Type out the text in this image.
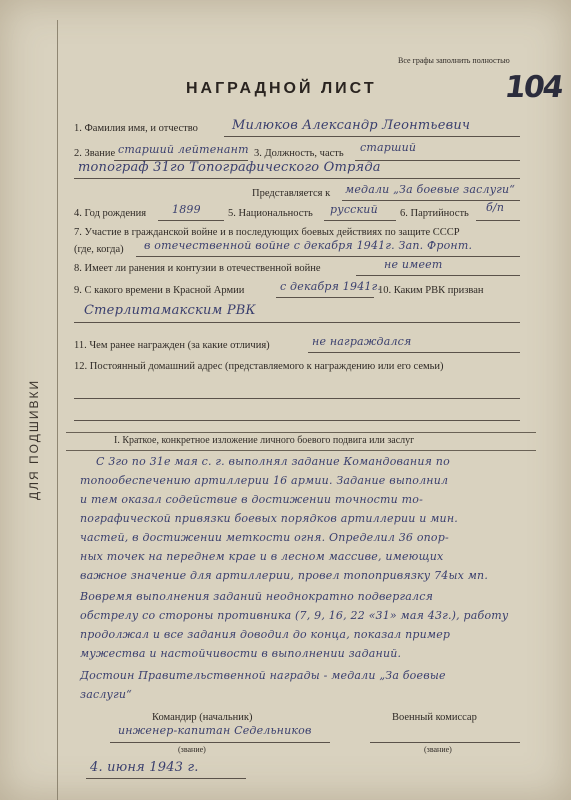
ДЛЯ ПОДШИВКИ
Все графы заполнить полностью
104
НАГРАДНОЙ ЛИСТ
1. Фамилия имя, и отчество	Милюков Александр Леонтьевич
2. Звание старший лейтенант 3. Должность, часть старший
топограф 31го Топографического Отряда
Представляется к медали „За боевые заслуги“
4. Год рождения 1899	5. Национальность русский 6. Партийность б/п
7. Участие в гражданской войне и в последующих боевых действиях по защите СССР
(где, когда) в отечественной войне с декабря 1941г. Зап. Фронт.
8. Имеет ли ранения и контузии в отечественной войне	не имеет
9. С какого времени в Красной Армии	с декабря 1941г.
10. Каким РВК призван
Стерлитамакским РВК
11. Чем ранее награжден (за какие отличия)	не награждался
12. Постоянный домашний адрес (представляемого к награждению или его семьи)
I. Краткое, конкретное изложение личного боевого подвига или заслуг
С 3го по 31е мая с. г. выполнял задание Командования по
топообеспечению артиллерии 16 армии. Задание выполнил
и тем оказал содействие в достижении точности то-
пографической привязки боевых порядков артиллерии и мин.
частей, в достижении меткости огня. Определил 36 опор-
ных точек на переднем крае и в лесном массиве, имеющих
важное значение для артиллерии, провел топопривязку 74ых мп.
Вовремя выполнения заданий неоднократно подвергался
обстрелу со стороны противника (7, 9, 16, 22 «31» мая 43г.), работу
продолжал и все задания доводил до конца, показал пример
мужества и настойчивости в выполнении заданий.
Достоин Правительственной награды - медали „За боевые
заслуги“
Командир (начальник)	Военный комиссар
инженер-капитан Седельников
(звание)	(звание)
4. июня 1943 г.
